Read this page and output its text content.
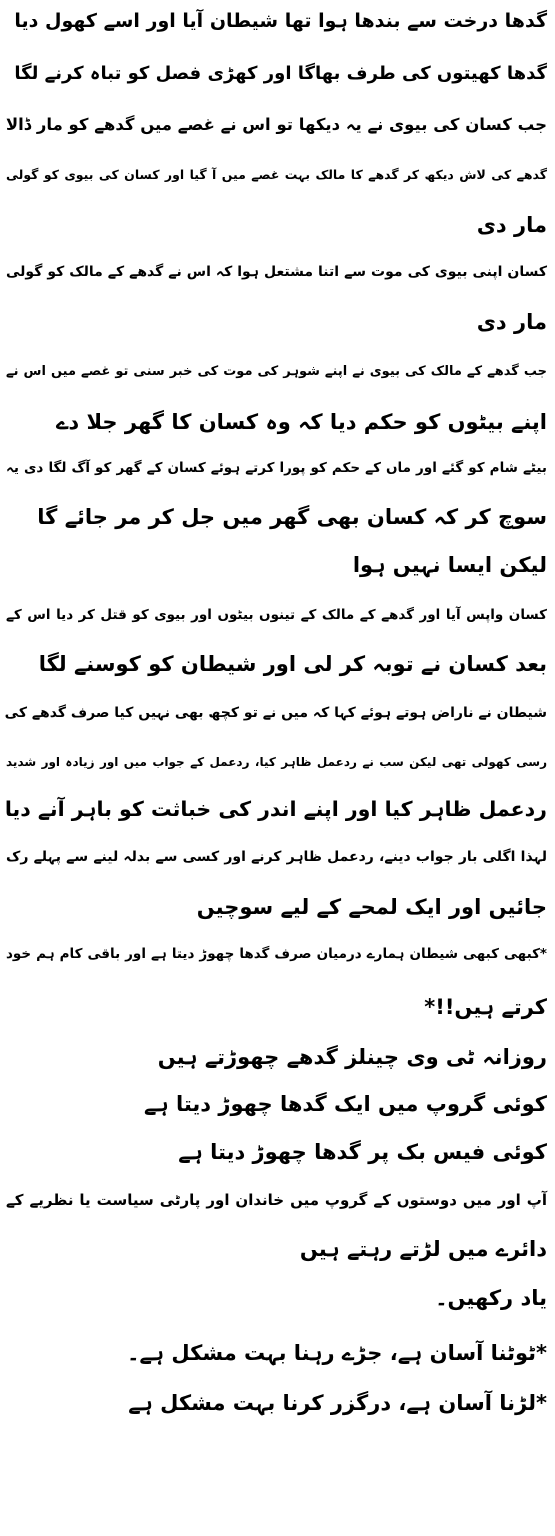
گدھا درخت سے بندھا ہوا تھا شیطان آیا اور اسے کھول دیا

گدھا کھیتوں کی طرف بھاگا اور کھڑی فصل کو تباہ کرنے لگا

جب کسان کی بیوی نے یہ دیکھا تو اس نے غصے میں گدھے کو مار ڈالا

گدھے کی لاش دیکھ کر گدھے کا مالک بہت غصے میں آ گیا اور کسان کی بیوی کو گولی

مار دی

کسان اپنی بیوی کی موت سے اتنا مشتعل ہوا کہ اس نے گدھے کے مالک کو گولی

مار دی

جب گدھے کے مالک کی بیوی نے اپنے شوہر کی موت کی خبر سنی تو غصے میں اس نے

اپنے بیٹوں کو حکم دیا کہ وہ کسان کا گھر جلا دے

بیٹے شام کو گئے اور ماں کے حکم کو پورا کرتے ہوئے کسان کے گھر کو آگ لگا دی یہ

سوچ کر کہ کسان بھی گھر میں جل کر مر جائے گا

لیکن ایسا نہیں ہوا

کسان واپس آیا اور گدھے کے مالک کے تینوں بیٹوں اور بیوی کو قتل کر دیا اس کے

بعد کسان نے توبہ کر لی اور شیطان کو کوسنے لگا

شیطان نے ناراض ہوتے ہوئے کہا کہ میں نے تو کچھ بھی نہیں کیا صرف گدھے کی

رسی کھولی تھی لیکن سب نے ردعمل ظاہر کیا، ردعمل کے جواب میں اور زیادہ اور شدید

ردعمل ظاہر کیا اور اپنے اندر کی خباثت کو باہر آنے دیا

لہذا اگلی بار جواب دینے، ردعمل ظاہر کرنے اور کسی سے بدلہ لینے سے پہلے رک

جائیں اور ایک لمحے کے لیے سوچیں

*کبھی کبھی شیطان ہمارے درمیان صرف گدھا چھوڑ دیتا ہے اور باقی کام ہم خود

کرتے ہیں!!*

روزانہ ٹی وی چینلز گدھے چھوڑتے ہیں

کوئی گروپ میں ایک گدھا چھوڑ دیتا ہے

کوئی فیس بک پر گدھا چھوڑ دیتا ہے

آپ اور میں دوستوں کے گروپ میں خاندان اور پارٹی سیاست یا نظریے کے

دائرے میں لڑتے رہتے ہیں

یاد رکھیں۔

*ٹوٹنا آسان ہے، جڑے رہنا بہت مشکل ہے۔

*لڑنا آسان ہے، درگزر کرنا بہت مشکل ہے
